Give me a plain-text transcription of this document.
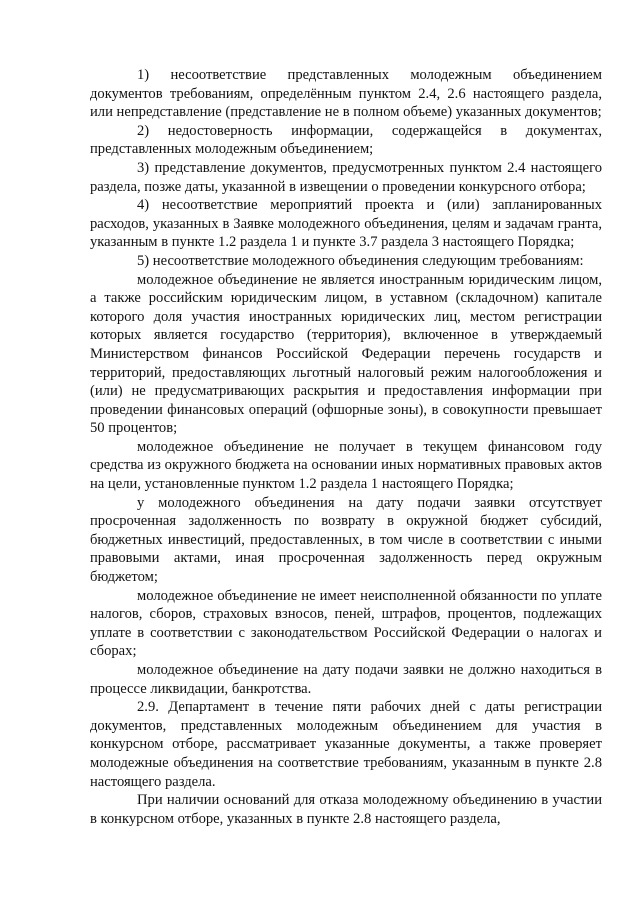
1) несоответствие представленных молодежным объединением документов требованиям, определённым пунктом 2.4, 2.6 настоящего раздела, или непредставление (представление не в полном объеме) указанных документов;

2) недостоверность информации, содержащейся в документах, представленных молодежным объединением;

3) представление документов, предусмотренных пунктом 2.4 настоящего раздела, позже даты, указанной в извещении о проведении конкурсного отбора;

4) несоответствие мероприятий проекта и (или) запланированных расходов, указанных в Заявке молодежного объединения, целям и задачам гранта, указанным в пункте 1.2 раздела 1 и пункте 3.7 раздела 3 настоящего Порядка;

5) несоответствие молодежного объединения следующим требованиям:

молодежное объединение не является иностранным юридическим лицом, а также российским юридическим лицом, в уставном (складочном) капитале которого доля участия иностранных юридических лиц, местом регистрации которых является государство (территория), включенное в утверждаемый Министерством финансов Российской Федерации перечень государств и территорий, предоставляющих льготный налоговый режим налогообложения и (или) не предусматривающих раскрытия и предоставления информации при проведении финансовых операций (офшорные зоны), в совокупности превышает 50 процентов;

молодежное объединение не получает в текущем финансовом году средства из окружного бюджета на основании иных нормативных правовых актов на цели, установленные пунктом 1.2 раздела 1 настоящего Порядка;

у молодежного объединения на дату подачи заявки отсутствует просроченная задолженность по возврату в окружной бюджет субсидий, бюджетных инвестиций, предоставленных, в том числе в соответствии с иными правовыми актами, иная просроченная задолженность перед окружным бюджетом;

молодежное объединение не имеет неисполненной обязанности по уплате налогов, сборов, страховых взносов, пеней, штрафов, процентов, подлежащих уплате в соответствии с законодательством Российской Федерации о налогах и сборах;

молодежное объединение на дату подачи заявки не должно находиться в процессе ликвидации, банкротства.

2.9. Департамент в течение пяти рабочих дней с даты регистрации документов, представленных молодежным объединением для участия в конкурсном отборе, рассматривает указанные документы, а также проверяет молодежные объединения на соответствие требованиям, указанным в пункте 2.8 настоящего раздела.

При наличии оснований для отказа молодежному объединению в участии в конкурсном отборе, указанных в пункте 2.8 настоящего раздела,
